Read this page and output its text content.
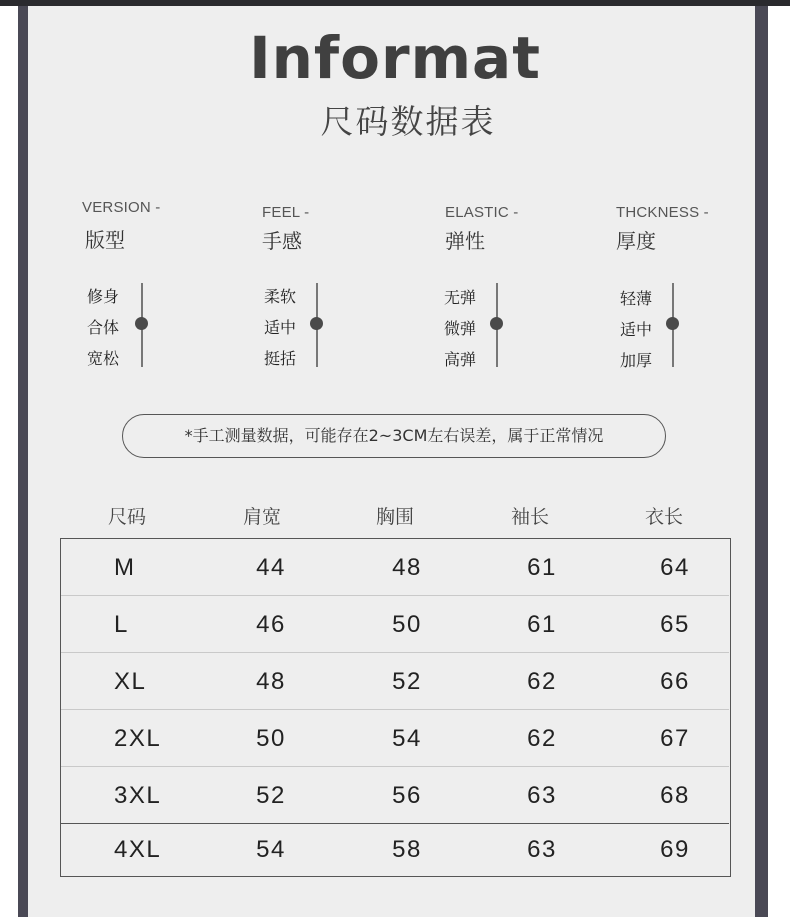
Informat
尺码数据表
VERSION -
版型
修身
合体
宽松
FEEL -
手感
柔软
适中
挺括
ELASTIC -
弹性
无弹
微弹
高弹
THCKNESS -
厚度
轻薄
适中
加厚
*手工测量数据，可能存在2~3CM左右误差，属于正常情况
尺码	肩宽	胸围	袖长	衣长
M	44	48	61	64
L	46	50	61	65
XL	48	52	62	66
2XL	50	54	62	67
3XL	52	56	63	68
4XL	54	58	63	69
